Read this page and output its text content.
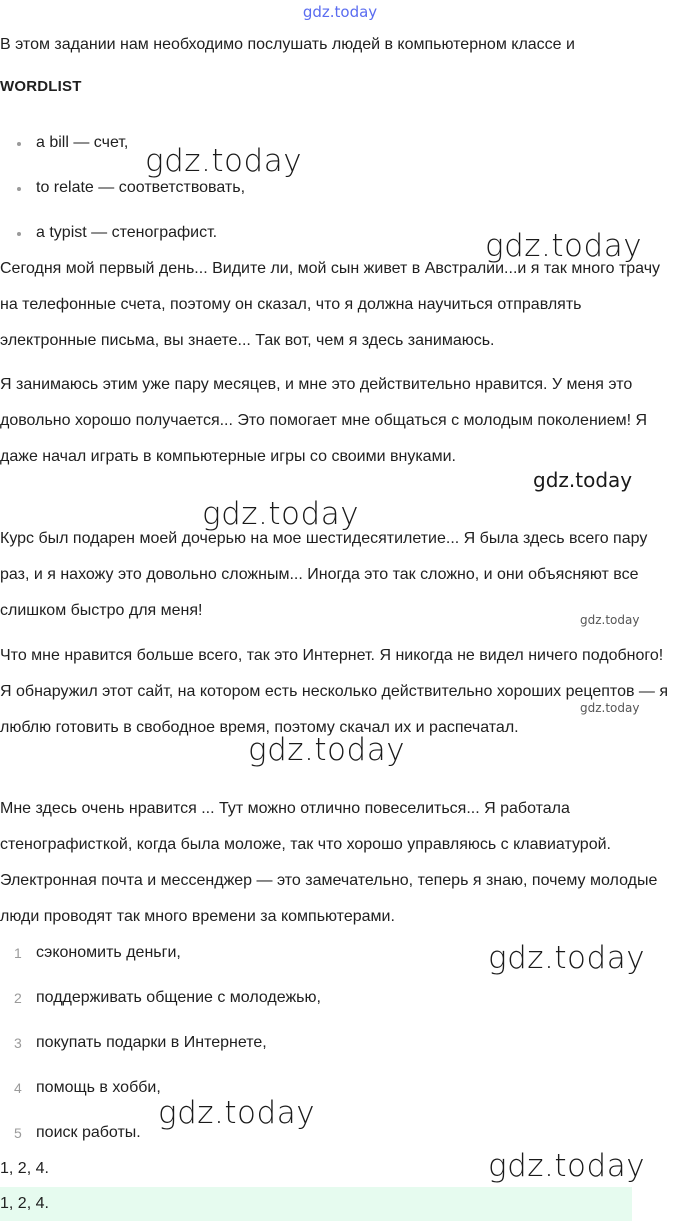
gdz.today
В этом задании нам необходимо послушать людей в компьютерном классе и
WORDLIST
a bill — счет,
to relate — соответствовать,
a typist — стенографист.

Сегодня мой первый день... Видите ли, мой сын живет в Австралии...и я так много трачу на телефонные счета, поэтому он сказал, что я должна научиться отправлять электронные письма, вы знаете... Так вот, чем я здесь занимаюсь.

Я занимаюсь этим уже пару месяцев, и мне это действительно нравится. У меня это довольно хорошо получается... Это помогает мне общаться с молодым поколением! Я даже начал играть в компьютерные игры со своими внуками.

Курс был подарен моей дочерью на мое шестидесятилетие... Я была здесь всего пару раз, и я нахожу это довольно сложным... Иногда это так сложно, и они объясняют все слишком быстро для меня!

Что мне нравится больше всего, так это Интернет. Я никогда не видел ничего подобного! Я обнаружил этот сайт, на котором есть несколько действительно хороших рецептов — я люблю готовить в свободное время, поэтому скачал их и распечатал.

Мне здесь очень нравится ... Тут можно отлично повеселиться... Я работала стенографисткой, когда была моложе, так что хорошо управляюсь с клавиатурой. Электронная почта и мессенджер — это замечательно, теперь я знаю, почему молодые люди проводят так много времени за компьютерами.

1 сэкономить деньги,
2 поддерживать общение с молодежью,
3 покупать подарки в Интернете,
4 помощь в хобби,
5 поиск работы.
1, 2, 4.
1, 2, 4.
gdz.today
gdz.today
gdz.today
gdz.today
gdz.today
gdz.today
gdz.today
gdz.today
gdz.today
gdz.today
